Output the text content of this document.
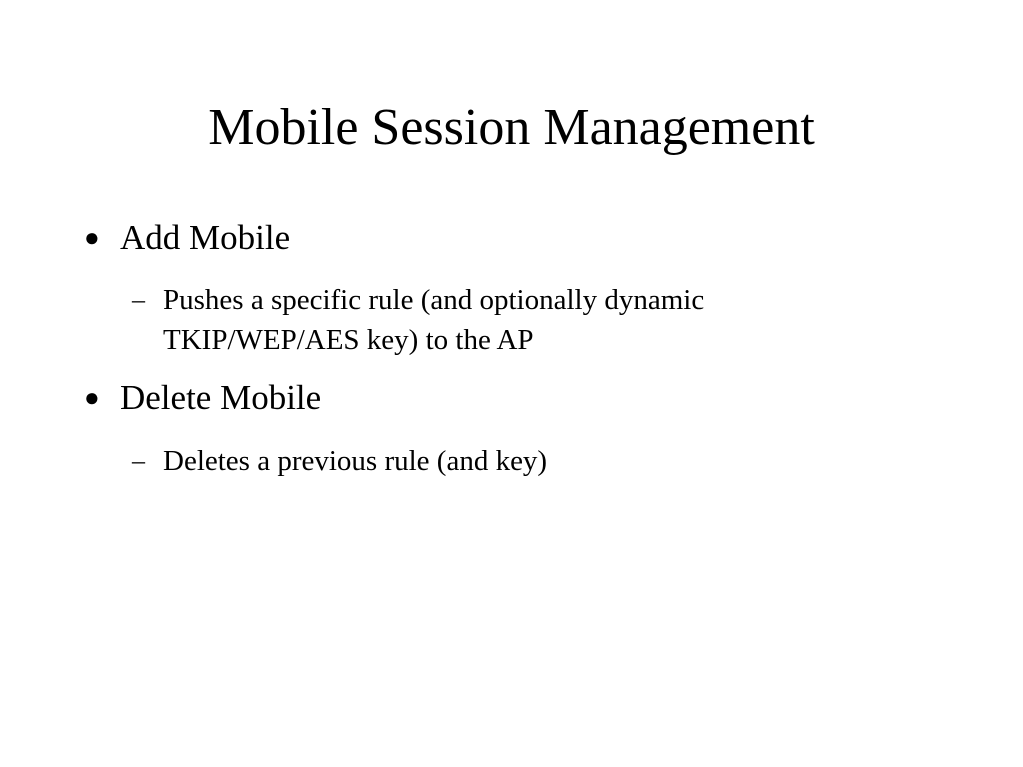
Mobile Session Management
● Add Mobile
– Pushes a specific rule (and optionally dynamic TKIP/WEP/AES key) to the AP
● Delete Mobile
– Deletes a previous rule (and key)
